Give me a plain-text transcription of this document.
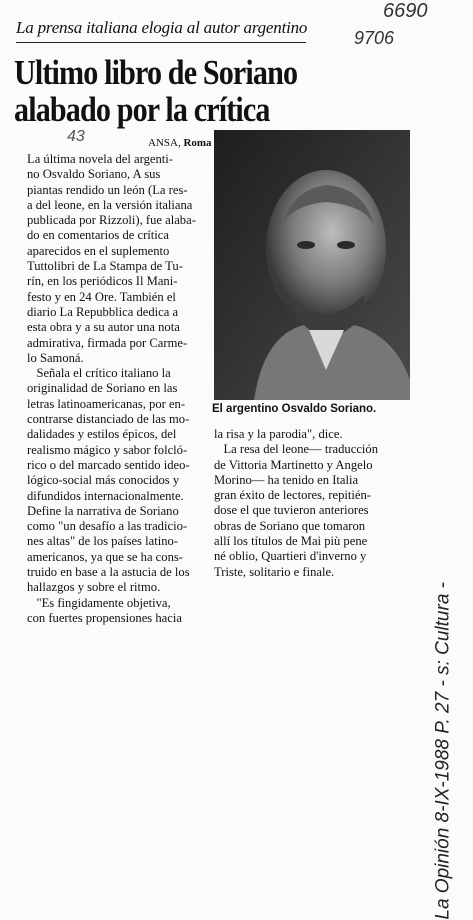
La prensa italiana elogia al autor argentino
Ultimo libro de Soriano
alabado por la crítica
ANSA, Roma
La última novela del argenti-
no Osvaldo Soriano, A sus
piantas rendido un león (La res-
a del leone, en la versión italiana
publicada por Rizzoli), fue alaba-
do en comentarios de crítica
aparecidos en el suplemento
Tuttolibri de La Stampa de Tu-
rín, en los periódicos Il Mani-
festo y en 24 Ore. También el
diario La Repubblica dedica a
esta obra y a su autor una nota
admirativa, firmada por Carme-
lo Samoná.
Señala el crítico italiano la
originalidad de Soriano en las
letras latinoamericanas, por en-
contrarse distanciado de las mo-
dalidades y estilos épicos, del
realismo mágico y sabor folcló-
rico o del marcado sentido ideo-
lógico-social más conocidos y
difundidos internacionalmente.
Define la narrativa de Soriano
como "un desafío a las tradicio-
nes altas" de los países latino-
americanos, ya que se ha cons-
truido en base a la astucia de los
hallazgos y sobre el ritmo.
"Es fingidamente objetiva,
con fuertes propensiones hacia
El argentino Osvaldo Soriano.
la risa y la parodia", dice.
La resa del leone— traducción
de Vittoria Martinetto y Angelo
Morino— ha tenido en Italia
gran éxito de lectores, repitién-
dose el que tuvieron anteriores
obras de Soriano que tomaron
allí los títulos de Mai più pene
né oblio, Quartieri d'inverno y
Triste, solitario e finale.
6690
9706
43
La Opinión 8-IX-1988 P. 27 - s: Cultura -
